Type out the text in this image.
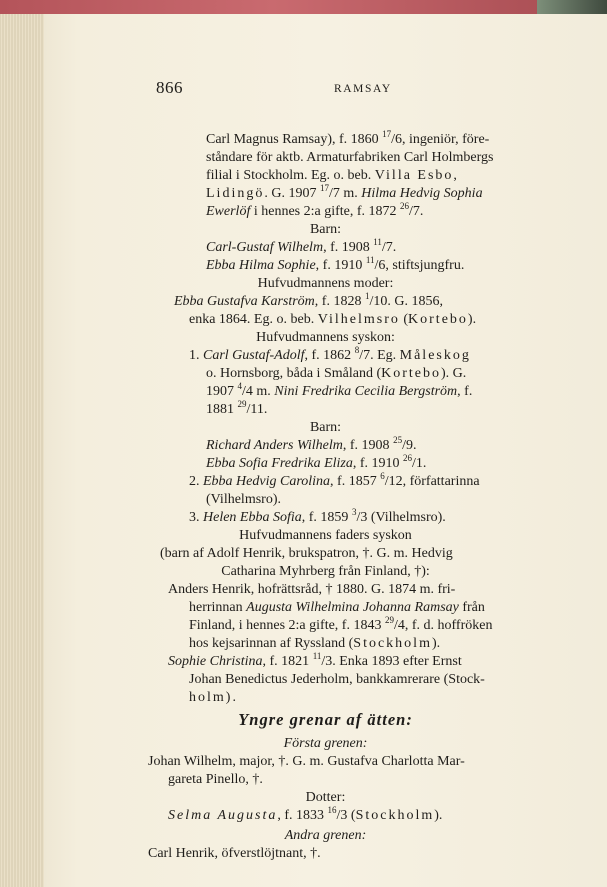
866	RAMSAY
Carl Magnus Ramsay), f. 1860 $^{17}$/6, ingeniör, före-
ståndare för aktb. Armaturfabriken Carl Holmbergs
filial i Stockholm. Eg. o. beb. Villa Esbo,
Lidingö. G. 1907 $^{17}$/7 m. Hilma Hedvig Sophia
Ewerlöf i hennes 2:a gifte, f. 1872 $^{26}$/7.
Barn:
Carl-Gustaf Wilhelm, f. 1908 $^{11}$/7.
Ebba Hilma Sophie, f. 1910 $^{11}$/6, stiftsjungfru.
Hufvudmannens moder:
Ebba Gustafva Karström, f. 1828 $^1$/10. G. 1856,
enka 1864. Eg. o. beb. Vilhelmsro (Kortebo).
Hufvudmannens syskon:
1. Carl Gustaf-Adolf, f. 1862 $^8$/7. Eg. Måleskog
o. Hornsborg, båda i Småland (Kortebo). G.
1907 $^4$/4 m. Nini Fredrika Cecilia Bergström, f.
1881 $^{29}$/11.
Barn:
Richard Anders Wilhelm, f. 1908 $^{25}$/9.
Ebba Sofia Fredrika Eliza, f. 1910 $^{26}$/1.
2. Ebba Hedvig Carolina, f. 1857 $^6$/12, författarinna
(Vilhelmsro).
3. Helen Ebba Sofia, f. 1859 $^3$/3 (Vilhelmsro).
Hufvudmannens faders syskon
(barn af Adolf Henrik, brukspatron, †. G. m. Hedvig
Catharina Myhrberg från Finland, †):
Anders Henrik, hofrättsråd, † 1880. G. 1874 m. fri-
herrinnan Augusta Wilhelmina Johanna Ramsay från
Finland, i hennes 2:a gifte, f. 1843 $^{29}$/4, f. d. hoffröken
hos kejsarinnan af Ryssland (Stockholm).
Sophie Christina, f. 1821 $^{11}$/3. Enka 1893 efter Ernst
Johan Benedictus Jederholm, bankkamrerare (Stock-
holm).
Yngre grenar af ätten:
Första grenen:
Johan Wilhelm, major, †. G. m. Gustafva Charlotta Mar-
gareta Pinello, †.
Dotter:
Selma Augusta, f. 1833 $^{16}$/3 (Stockholm).
Andra grenen:
Carl Henrik, öfverstlöjtnant, †.
